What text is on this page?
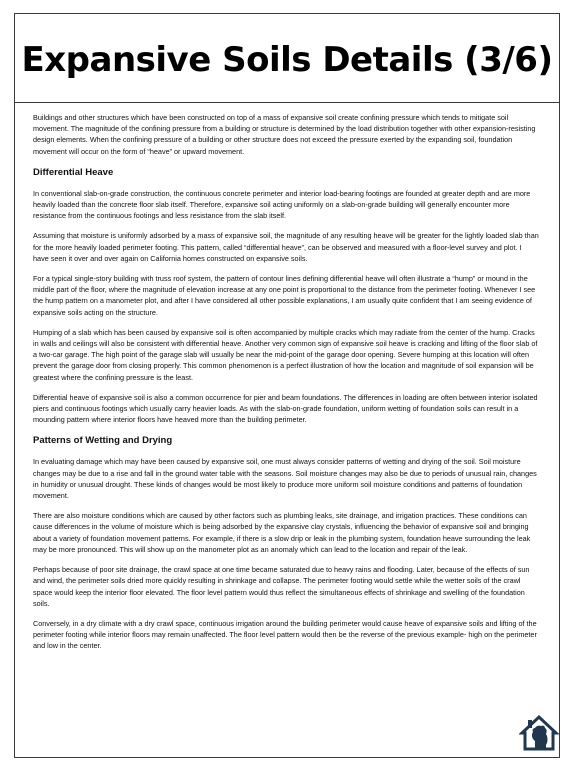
Expansive Soils Details (3/6)

Buildings and other structures which have been constructed on top of a mass of expansive soil create confining pressure which tends to mitigate soil movement. The magnitude of the confining pressure from a building or structure is determined by the load distribution together with other expansion-resisting design elements. When the confining pressure of a building or other structure does not exceed the pressure exerted by the expanding soil, foundation movement will occur on the form of “heave” or upward movement.

Differential Heave

In conventional slab-on-grade construction, the continuous concrete perimeter and interior load-bearing footings are founded at greater depth and are more heavily loaded than the concrete floor slab itself. Therefore, expansive soil acting uniformly on a slab-on-grade building will generally encounter more resistance from the continuous footings and less resistance from the slab itself.

Assuming that moisture is uniformly adsorbed by a mass of expansive soil, the magnitude of any resulting heave will be greater for the lightly loaded slab than for the more heavily loaded perimeter footing. This pattern, called “differential heave”, can be observed and measured with a floor-level survey and plot. I have seen it over and over again on California homes constructed on expansive soils.

For a typical single-story building with truss roof system, the pattern of contour lines defining differential heave will often illustrate a “hump” or mound in the middle part of the floor, where the magnitude of elevation increase at any one point is proportional to the distance from the perimeter footing. Whenever I see the hump pattern on a manometer plot, and after I have considered all other possible explanations, I am usually quite confident that I am seeing evidence of expansive soils acting on the structure.

Humping of a slab which has been caused by expansive soil is often accompanied by multiple cracks which may radiate from the center of the hump. Cracks in walls and ceilings will also be consistent with differential heave. Another very common sign of expansive soil heave is cracking and lifting of the floor slab of a two-car garage. The high point of the garage slab will usually be near the mid-point of the garage door opening. Severe humping at this location will often prevent the garage door from closing properly. This common phenomenon is a perfect illustration of how the location and magnitude of soil expansion will be greatest where the confining pressure is the least.

Differential heave of expansive soil is also a common occurrence for pier and beam foundations. The differences in loading are often between interior isolated piers and continuous footings which usually carry heavier loads. As with the slab-on-grade foundation, uniform wetting of foundation soils can result in a mounding pattern where interior floors have heaved more than the building perimeter.

Patterns of Wetting and Drying

In evaluating damage which may have been caused by expansive soil, one must always consider patterns of wetting and drying of the soil. Soil moisture changes may be due to a rise and fall in the ground water table with the seasons. Soil moisture changes may also be due to periods of unusual rain, changes in humidity or unusual drought. These kinds of changes would be most likely to produce more uniform soil moisture conditions and patterns of foundation movement.

There are also moisture conditions which are caused by other factors such as plumbing leaks, site drainage, and irrigation practices. These conditions can cause differences in the volume of moisture which is being adsorbed by the expansive clay crystals, influencing the behavior of expansive soil and bringing about a variety of foundation movement patterns. For example, if there is a slow drip or leak in the plumbing system, foundation heave surrounding the leak may be more pronounced. This will show up on the manometer plot as an anomaly which can lead to the location and repair of the leak.

Perhaps because of poor site drainage, the crawl space at one time became saturated due to heavy rains and flooding. Later, because of the effects of sun and wind, the perimeter soils dried more quickly resulting in shrinkage and collapse. The perimeter footing would settle while the wetter soils of the crawl space would keep the interior floor elevated. The floor level pattern would thus reflect the simultaneous effects of shrinkage and swelling of the foundation soils.

Conversely, in a dry climate with a dry crawl space, continuous irrigation around the building perimeter would cause heave of expansive soils and lifting of the perimeter footing while interior floors may remain unaffected. The floor level pattern would then be the reverse of the previous example- high on the perimeter and low in the center.
